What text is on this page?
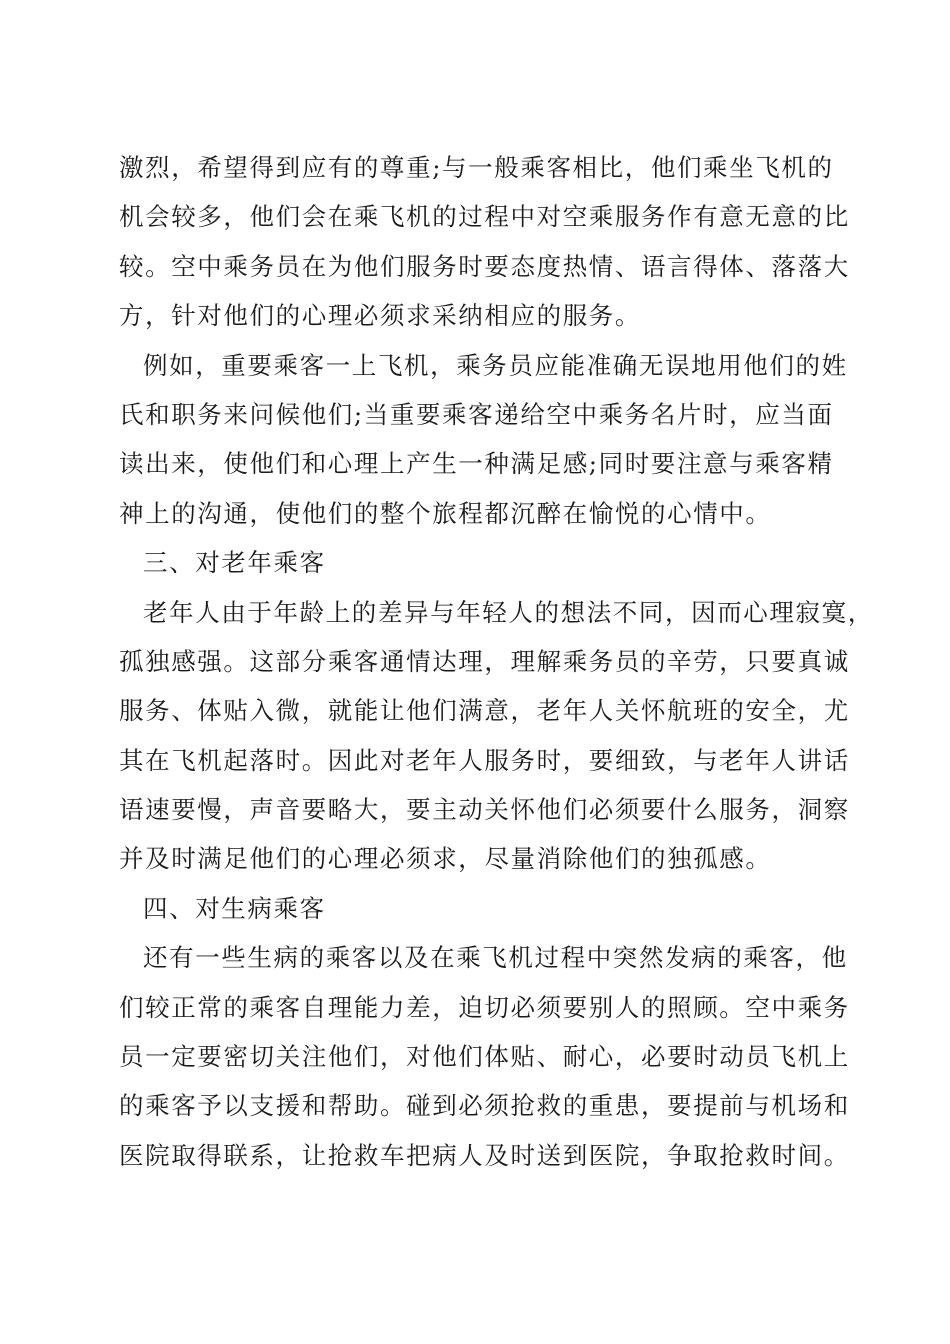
激烈，希望得到应有的尊重;与一般乘客相比，他们乘坐飞机的
机会较多，他们会在乘飞机的过程中对空乘服务作有意无意的比
较。空中乘务员在为他们服务时要态度热情、语言得体、落落大
方，针对他们的心理必须求采纳相应的服务。
例如，重要乘客一上飞机，乘务员应能准确无误地用他们的姓
氏和职务来问候他们;当重要乘客递给空中乘务名片时，应当面
读出来，使他们和心理上产生一种满足感;同时要注意与乘客精
神上的沟通，使他们的整个旅程都沉醉在愉悦的心情中。
三、对老年乘客
老年人由于年龄上的差异与年轻人的想法不同，因而心理寂寞，
孤独感强。这部分乘客通情达理，理解乘务员的辛劳，只要真诚
服务、体贴入微，就能让他们满意，老年人关怀航班的安全，尤
其在飞机起落时。因此对老年人服务时，要细致，与老年人讲话
语速要慢，声音要略大，要主动关怀他们必须要什么服务，洞察
并及时满足他们的心理必须求，尽量消除他们的独孤感。
四、对生病乘客
还有一些生病的乘客以及在乘飞机过程中突然发病的乘客，他
们较正常的乘客自理能力差，迫切必须要别人的照顾。空中乘务
员一定要密切关注他们，对他们体贴、耐心，必要时动员飞机上
的乘客予以支援和帮助。碰到必须抢救的重患，要提前与机场和
医院取得联系，让抢救车把病人及时送到医院，争取抢救时间。
